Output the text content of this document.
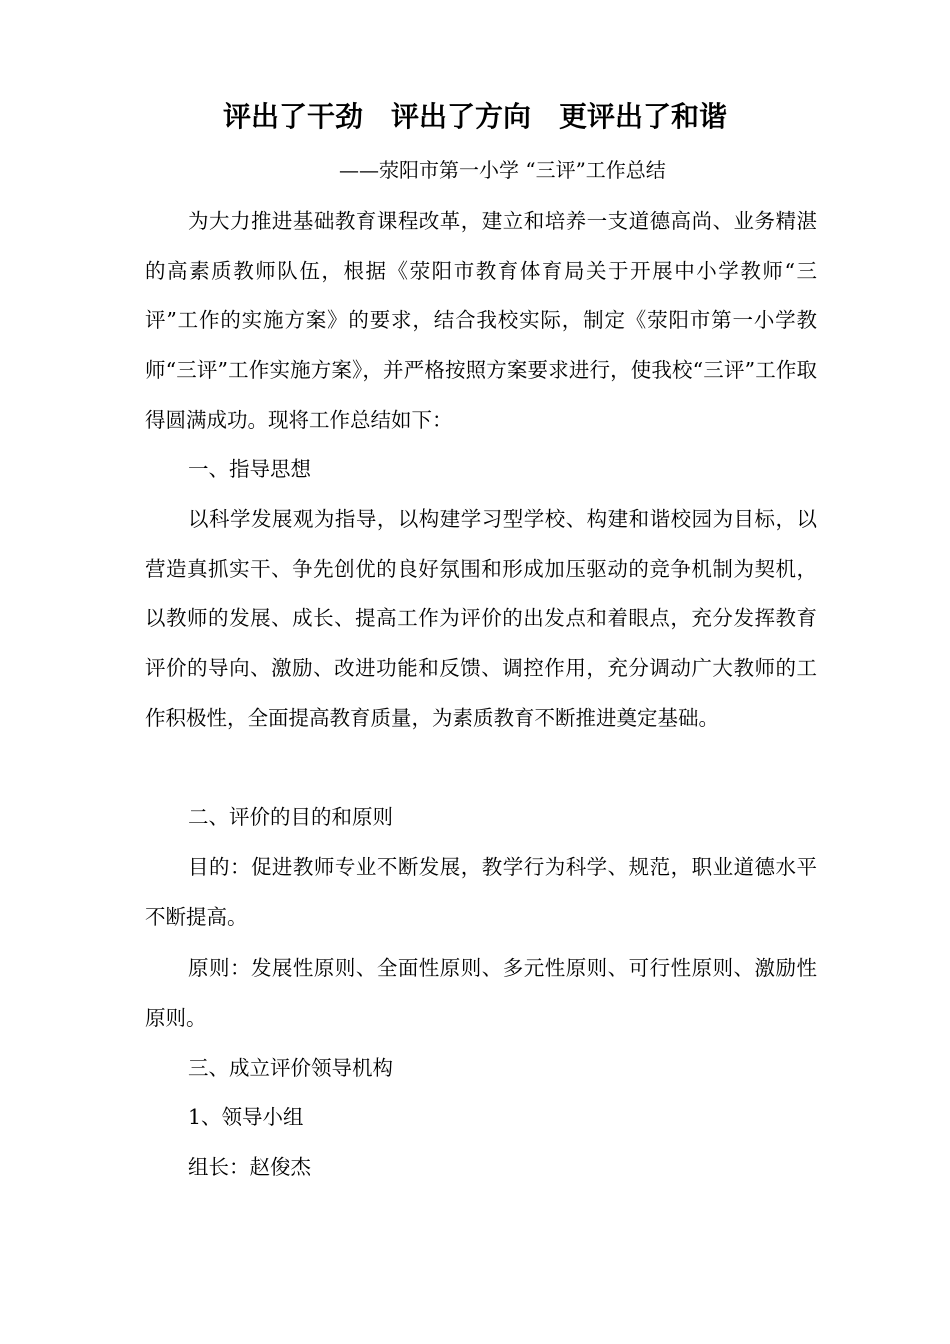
评出了干劲　评出了方向　更评出了和谐
——荥阳市第一小学 “三评”工作总结

为大力推进基础教育课程改革，建立和培养一支道德高尚、业务精湛的高素质教师队伍，根据《荥阳市教育体育局关于开展中小学教师“三评”工作的实施方案》的要求，结合我校实际，制定《荥阳市第一小学教师“三评”工作实施方案》，并严格按照方案要求进行，使我校“三评”工作取得圆满成功。现将工作总结如下：

一、指导思想

以科学发展观为指导，以构建学习型学校、构建和谐校园为目标，以营造真抓实干、争先创优的良好氛围和形成加压驱动的竞争机制为契机，以教师的发展、成长、提高工作为评价的出发点和着眼点，充分发挥教育评价的导向、激励、改进功能和反馈、调控作用，充分调动广大教师的工作积极性，全面提高教育质量，为素质教育不断推进奠定基础。

二、评价的目的和原则

目的：促进教师专业不断发展，教学行为科学、规范，职业道德水平不断提高。

原则：发展性原则、全面性原则、多元性原则、可行性原则、激励性原则。

三、成立评价领导机构

1、领导小组

组长：赵俊杰
